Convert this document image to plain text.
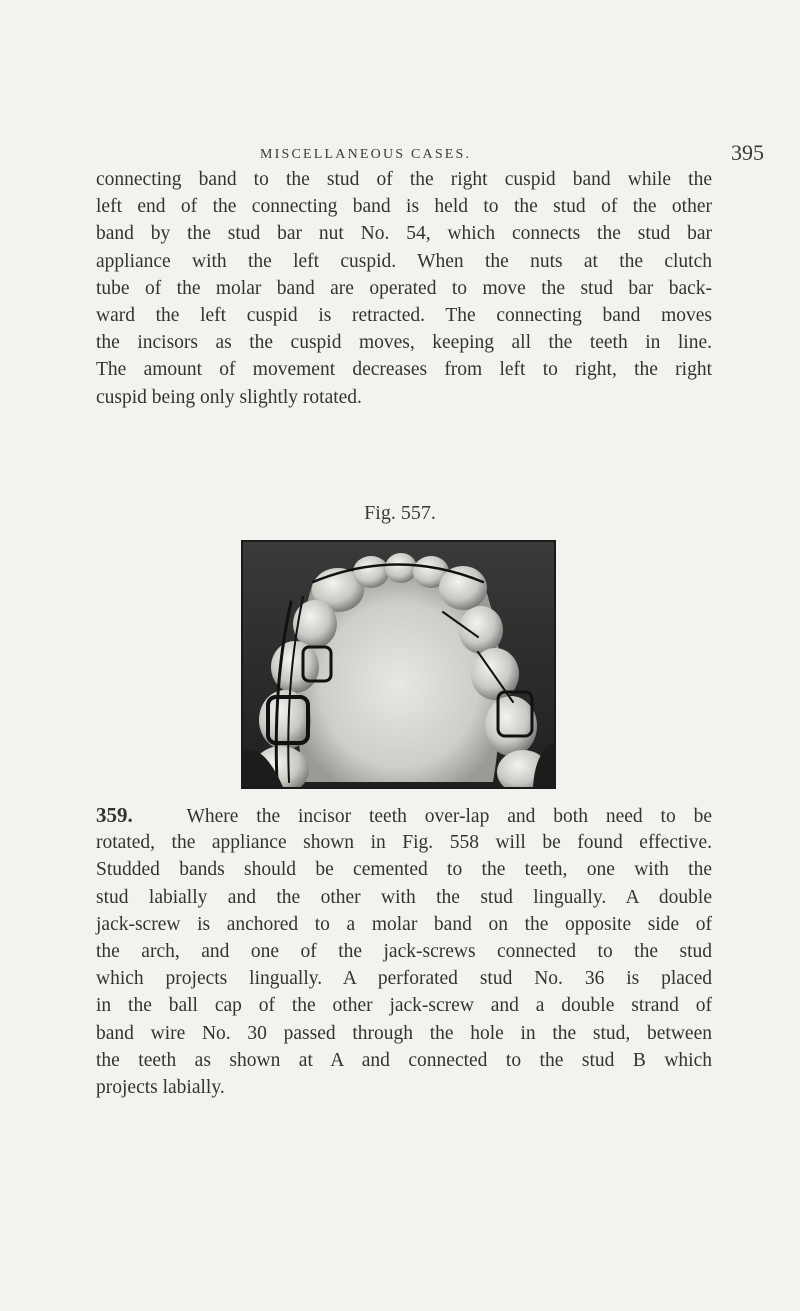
MISCELLANEOUS CASES.	395
connecting band to the stud of the right cuspid band while the
left end of the connecting band is held to the stud of the other
band by the stud bar nut No. 54, which connects the stud bar
appliance with the left cuspid. When the nuts at the clutch
tube of the molar band are operated to move the stud bar back-
ward the left cuspid is retracted. The connecting band moves
the incisors as the cuspid moves, keeping all the teeth in line.
The amount of movement decreases from left to right, the right
cuspid being only slightly rotated.
Fig. 557.
359.	Where the incisor teeth over-lap and both need to be
rotated, the appliance shown in Fig. 558 will be found effective.
Studded bands should be cemented to the teeth, one with the
stud labially and the other with the stud lingually. A double
jack-screw is anchored to a molar band on the opposite side of
the arch, and one of the jack-screws connected to the stud
which projects lingually. A perforated stud No. 36 is placed
in the ball cap of the other jack-screw and a double strand of
band wire No. 30 passed through the hole in the stud, between
the teeth as shown at A and connected to the stud B which
projects labially.
